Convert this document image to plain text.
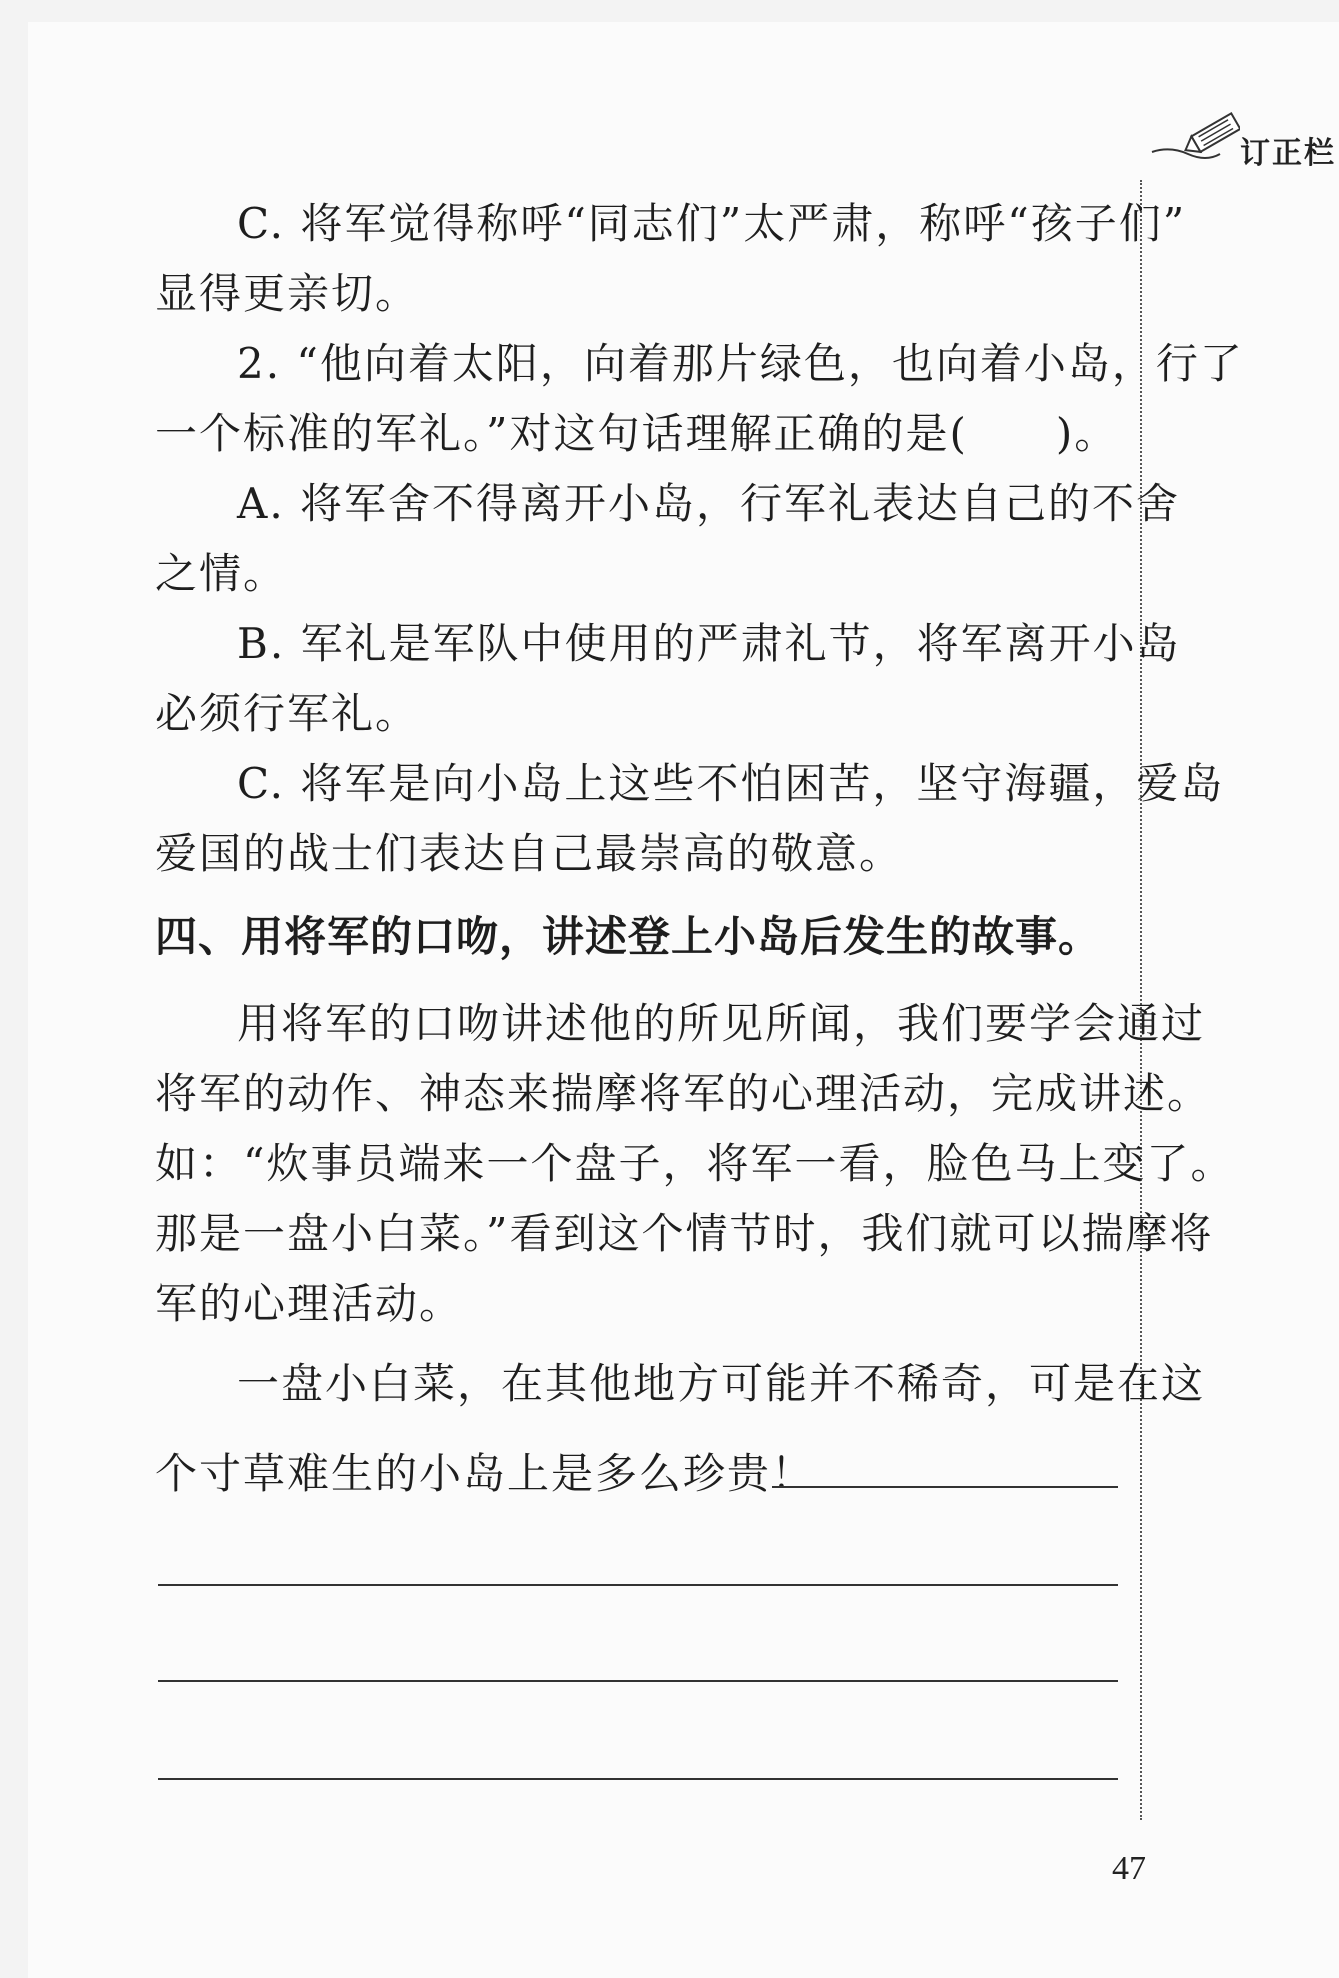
订正栏
C. 将军觉得称呼“同志们”太严肃，称呼“孩子们”
显得更亲切。
2. “他向着太阳，向着那片绿色，也向着小岛，行了
一个标准的军礼。”对这句话理解正确的是(　　)。
A. 将军舍不得离开小岛，行军礼表达自己的不舍
之情。
B. 军礼是军队中使用的严肃礼节，将军离开小岛
必须行军礼。
C. 将军是向小岛上这些不怕困苦，坚守海疆，爱岛
爱国的战士们表达自己最崇高的敬意。
四、用将军的口吻，讲述登上小岛后发生的故事。
用将军的口吻讲述他的所见所闻，我们要学会通过
将军的动作、神态来揣摩将军的心理活动，完成讲述。
如：“炊事员端来一个盘子，将军一看，脸色马上变了。
那是一盘小白菜。”看到这个情节时，我们就可以揣摩将
军的心理活动。
一盘小白菜，在其他地方可能并不稀奇，可是在这
个寸草难生的小岛上是多么珍贵！
47
